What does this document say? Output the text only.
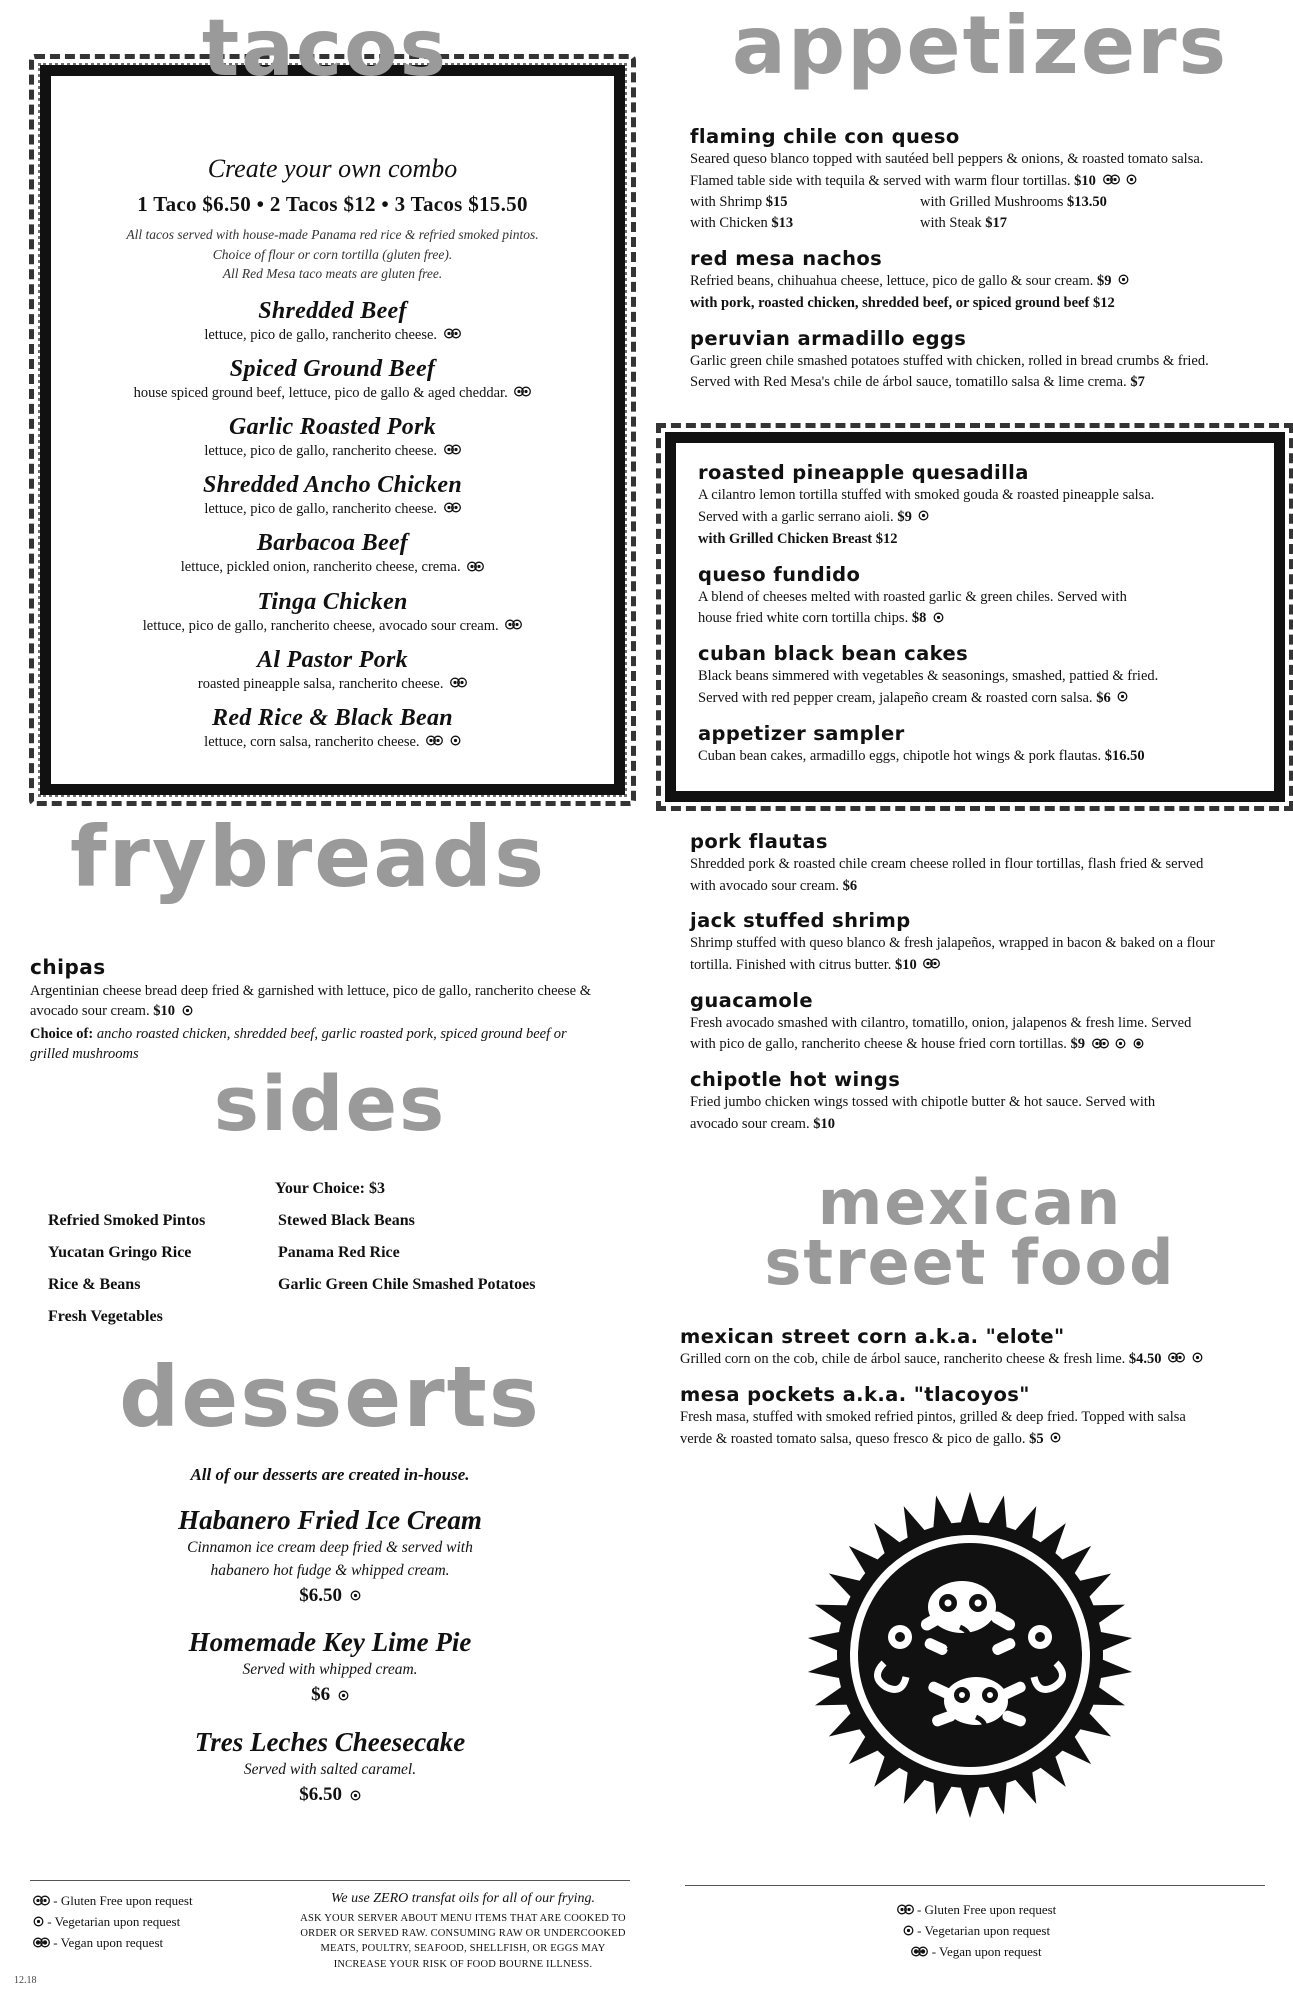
Create your own combo
1 Taco $6.50 • 2 Tacos $12 • 3 Tacos $15.50
All tacos served with house-made Panama red rice & refried smoked pintos.
Choice of flour or corn tortilla (gluten free).
All Red Mesa taco meats are gluten free.
Shredded Beef
lettuce, pico de gallo, rancherito cheese.
Spiced Ground Beef
house spiced ground beef, lettuce, pico de gallo & aged cheddar.
Garlic Roasted Pork
lettuce, pico de gallo, rancherito cheese.
Shredded Ancho Chicken
lettuce, pico de gallo, rancherito cheese.
Barbacoa Beef
lettuce, pickled onion, rancherito cheese, crema.
Tinga Chicken
lettuce, pico de gallo, rancherito cheese, avocado sour cream.
Al Pastor Pork
roasted pineapple salsa, rancherito cheese.
Red Rice & Black Bean
lettuce, corn salsa, rancherito cheese.
tacos
frybreads
chipas
Argentinian cheese bread deep fried & garnished with lettuce, pico de gallo, rancherito cheese & avocado sour cream. $10
Choice of: ancho roasted chicken, shredded beef, garlic roasted pork, spiced ground beef or grilled mushrooms
sides
Your Choice: $3
Refried Smoked Pintos	Stewed Black Beans
Yucatan Gringo Rice	Panama Red Rice
Rice & Beans	Garlic Green Chile Smashed Potatoes
Fresh Vegetables
desserts
All of our desserts are created in-house.
Habanero Fried Ice Cream
Cinnamon ice cream deep fried & served with
habanero hot fudge & whipped cream.
$6.50
Homemade Key Lime Pie
Served with whipped cream.
$6
Tres Leches Cheesecake
Served with salted caramel.
$6.50
- Gluten Free upon request
- Vegetarian upon request
- Vegan upon request
We use ZERO transfat oils for all of our frying.
ASK YOUR SERVER ABOUT MENU ITEMS THAT ARE COOKED TO ORDER OR SERVED RAW. CONSUMING RAW OR UNDERCOOKED MEATS, POULTRY, SEAFOOD, SHELLFISH, OR EGGS MAY INCREASE YOUR RISK OF FOOD BOURNE ILLNESS.
12.18
appetizers
flaming chile con queso
Seared queso blanco topped with sautéed bell peppers & onions, & roasted tomato salsa.
Flamed table side with tequila & served with warm flour tortillas. $10
with Shrimp $15	with Grilled Mushrooms $13.50
with Chicken $13	with Steak $17
red mesa nachos
Refried beans, chihuahua cheese, lettuce, pico de gallo & sour cream. $9
with pork, roasted chicken, shredded beef, or spiced ground beef $12
peruvian armadillo eggs
Garlic green chile smashed potatoes stuffed with chicken, rolled in bread crumbs & fried.
Served with Red Mesa's chile de árbol sauce, tomatillo salsa & lime crema. $7
roasted pineapple quesadilla
A cilantro lemon tortilla stuffed with smoked gouda & roasted pineapple salsa.
Served with a garlic serrano aioli. $9
with Grilled Chicken Breast $12
queso fundido
A blend of cheeses melted with roasted garlic & green chiles. Served with
house fried white corn tortilla chips. $8
cuban black bean cakes
Black beans simmered with vegetables & seasonings, smashed, pattied & fried.
Served with red pepper cream, jalapeño cream & roasted corn salsa. $6
appetizer sampler
Cuban bean cakes, armadillo eggs, chipotle hot wings & pork flautas. $16.50
pork flautas
Shredded pork & roasted chile cream cheese rolled in flour tortillas, flash fried & served
with avocado sour cream. $6
jack stuffed shrimp
Shrimp stuffed with queso blanco & fresh jalapeños, wrapped in bacon & baked on a flour
tortilla. Finished with citrus butter. $10
guacamole
Fresh avocado smashed with cilantro, tomatillo, onion, jalapenos & fresh lime. Served
with pico de gallo, rancherito cheese & house fried corn tortillas. $9
chipotle hot wings
Fried jumbo chicken wings tossed with chipotle butter & hot sauce. Served with
avocado sour cream. $10
mexican
street food
mexican street corn a.k.a. "elote"
Grilled corn on the cob, chile de árbol sauce, rancherito cheese & fresh lime. $4.50
mesa pockets a.k.a. "tlacoyos"
Fresh masa, stuffed with smoked refried pintos, grilled & deep fried. Topped with salsa
verde & roasted tomato salsa, queso fresco & pico de gallo. $5
- Gluten Free upon request
- Vegetarian upon request
- Vegan upon request
